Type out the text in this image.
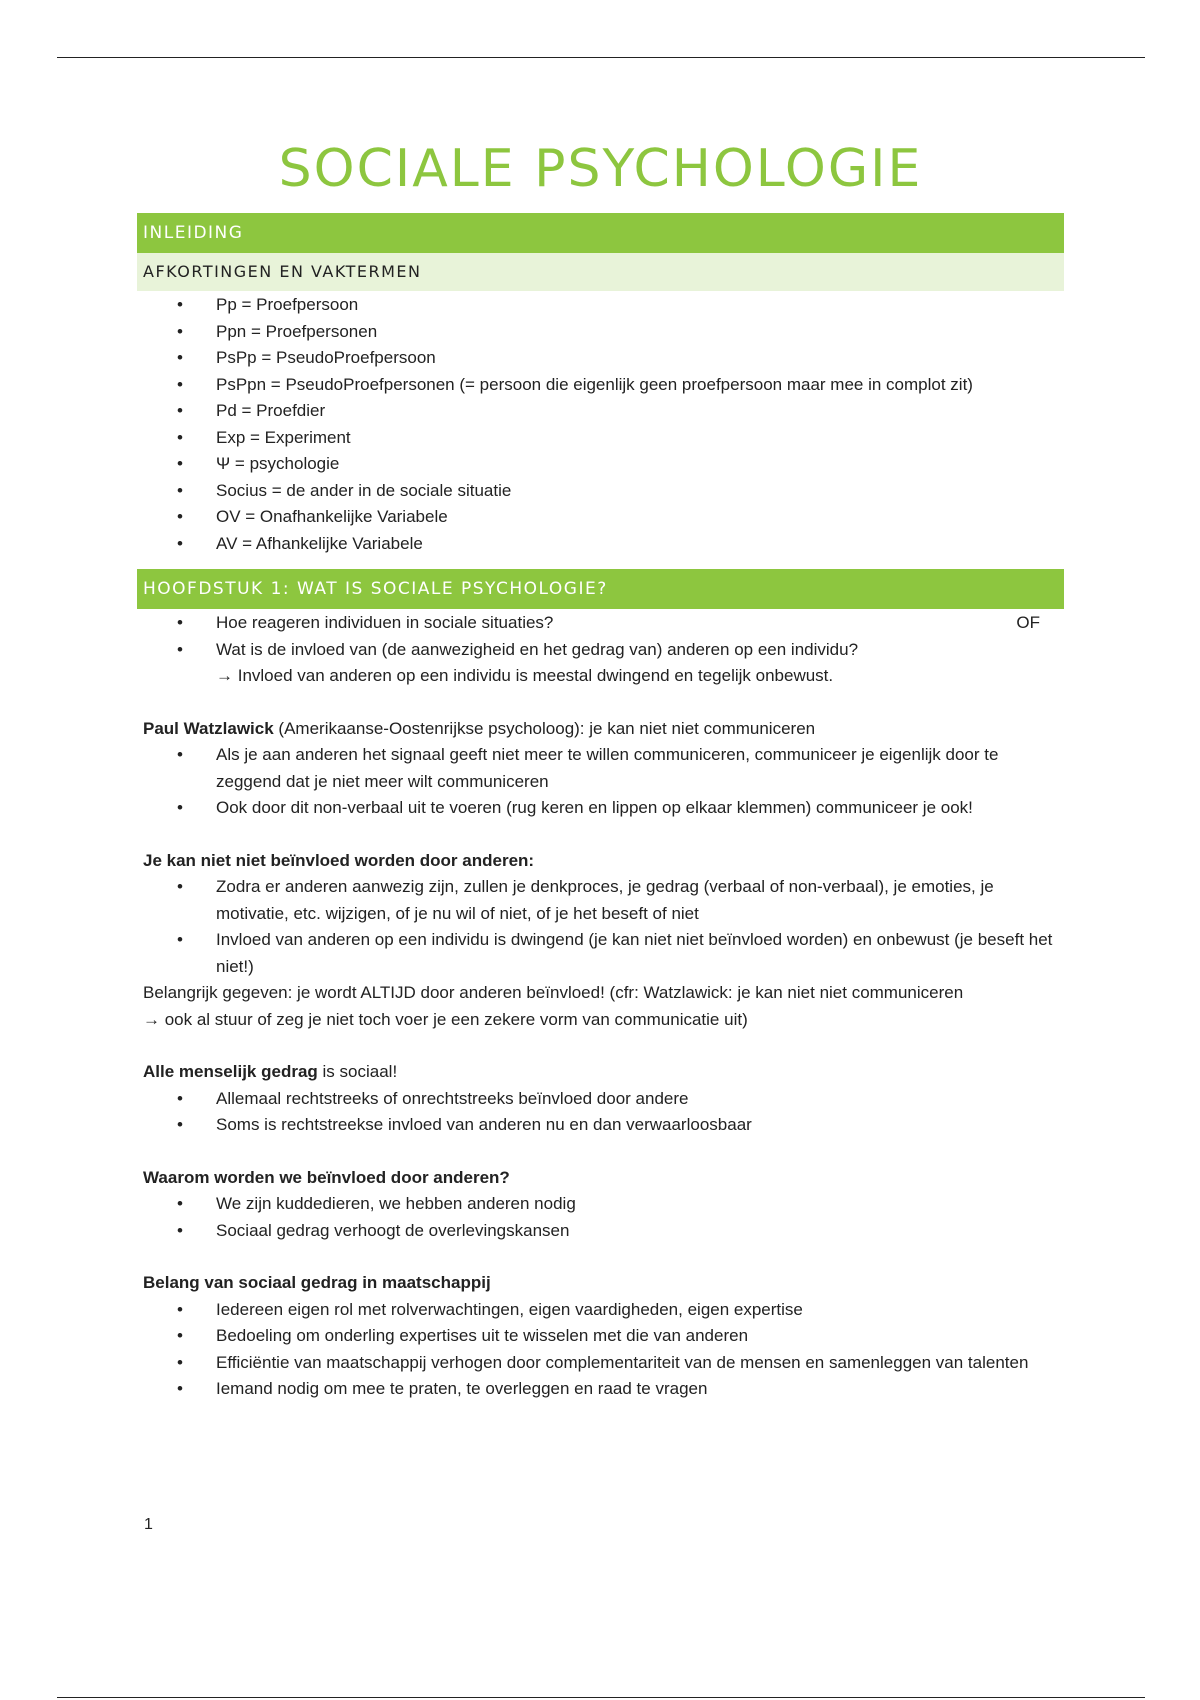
SOCIALE PSYCHOLOGIE
INLEIDING
AFKORTINGEN EN VAKTERMEN
• Pp = Proefpersoon
• Ppn = Proefpersonen
• PsPp = PseudoProefpersoon
• PsPpn = PseudoProefpersonen (= persoon die eigenlijk geen proefpersoon maar mee in complot zit)
• Pd = Proefdier
• Exp = Experiment
• Ψ = psychologie
• Socius = de ander in de sociale situatie
• OV = Onafhankelijke Variabele
• AV = Afhankelijke Variabele
HOOFDSTUK 1: WAT IS SOCIALE PSYCHOLOGIE?
• Hoe reageren individuen in sociale situaties?	OF
• Wat is de invloed van (de aanwezigheid en het gedrag van) anderen op een individu?
→ Invloed van anderen op een individu is meestal dwingend en tegelijk onbewust.
Paul Watzlawick (Amerikaanse-Oostenrijkse psycholoog): je kan niet niet communiceren
• Als je aan anderen het signaal geeft niet meer te willen communiceren, communiceer je eigenlijk door te zeggend dat je niet meer wilt communiceren
• Ook door dit non-verbaal uit te voeren (rug keren en lippen op elkaar klemmen) communiceer je ook!
Je kan niet niet beïnvloed worden door anderen:
• Zodra er anderen aanwezig zijn, zullen je denkproces, je gedrag (verbaal of non-verbaal), je emoties, je motivatie, etc. wijzigen, of je nu wil of niet, of je het beseft of niet
• Invloed van anderen op een individu is dwingend (je kan niet niet beïnvloed worden) en onbewust (je beseft het niet!)
Belangrijk gegeven: je wordt ALTIJD door anderen beïnvloed! (cfr: Watzlawick: je kan niet niet communiceren
→ ook al stuur of zeg je niet toch voer je een zekere vorm van communicatie uit)
Alle menselijk gedrag is sociaal!
• Allemaal rechtstreeks of onrechtstreeks beïnvloed door andere
• Soms is rechtstreekse invloed van anderen nu en dan verwaarloosbaar
Waarom worden we beïnvloed door anderen?
• We zijn kuddedieren, we hebben anderen nodig
• Sociaal gedrag verhoogt de overlevingskansen
Belang van sociaal gedrag in maatschappij
• Iedereen eigen rol met rolverwachtingen, eigen vaardigheden, eigen expertise
• Bedoeling om onderling expertises uit te wisselen met die van anderen
• Efficiëntie van maatschappij verhogen door complementariteit van de mensen en samenleggen van talenten
• Iemand nodig om mee te praten, te overleggen en raad te vragen
1
